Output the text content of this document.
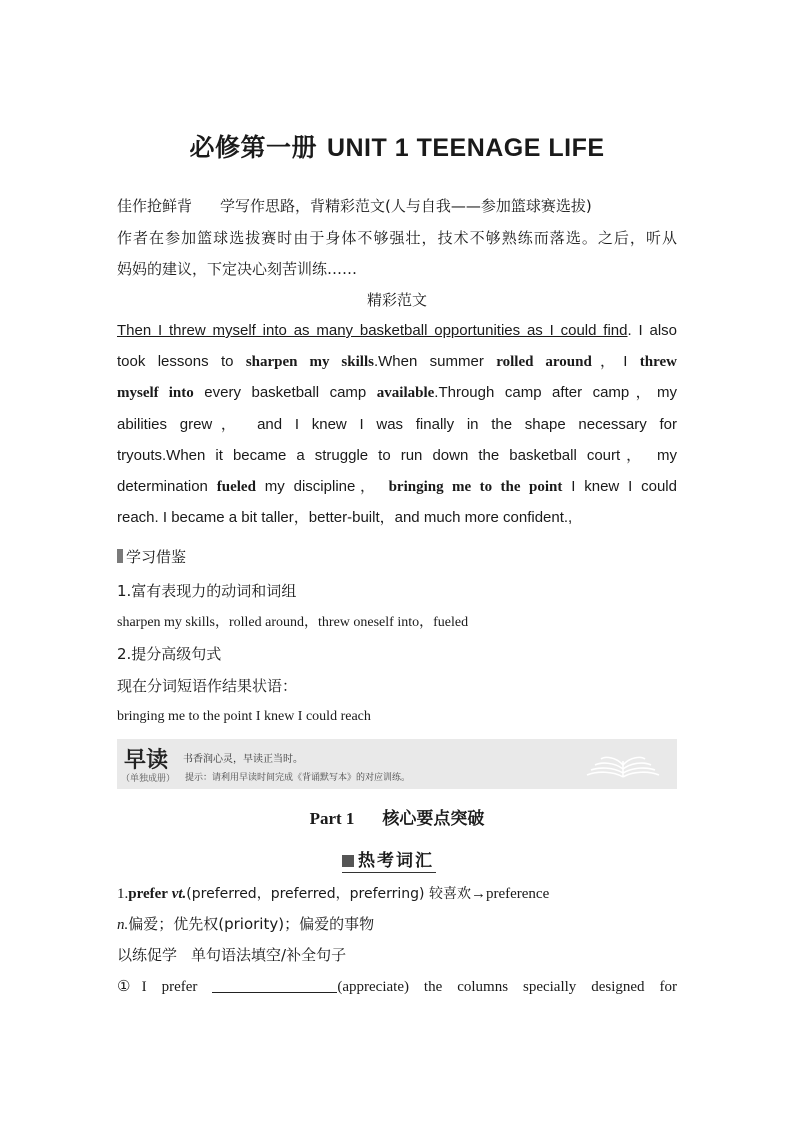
必修第一册 UNIT 1 TEENAGE LIFE
佳作抢鲜背 学写作思路，背精彩范文(人与自我——参加篮球赛选拔)
作者在参加篮球选拔赛时由于身体不够强壮，技术不够熟练而落选。之后，听从
妈妈的建议，下定决心刻苦训练……
精彩范文
Then I threw myself into as many basketball opportunities as I could find. I also
took lessons to sharpen my skills.When summer rolled around，I threw
myself into every basketball camp available.Through camp after camp，my
abilities grew， and I knew I was finally in the shape necessary for
tryouts.When it became a struggle to run down the basketball court， my
determination fueled my discipline， bringing me to the point I knew I could
reach. I became a bit taller，better-built，and much more confident.,
学习借鉴
1.富有表现力的动词和词组
sharpen my skills，rolled around，threw oneself into，fueled
2.提分高级句式
现在分词短语作结果状语：
bringing me to the point I knew I could reach
早读 书香润心灵，早读正当时。
（单独成册） 提示：请利用早读时间完成《背诵默写本》的对应训练。
Part 1 核心要点突破
热考词汇
1.prefer vt.(preferred，preferred，preferring) 较喜欢→preference
n.偏爱；优先权(priority)；偏爱的事物
以练促学 单句语法填空/补全句子
①I prefer	(appreciate) the columns specially designed for
